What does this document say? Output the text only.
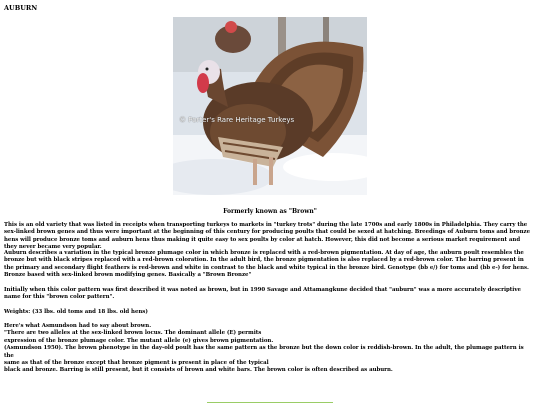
AUBURN
© Porter's Rare Heritage Turkeys
Formerly known as "Brown"
This is an old variety that was listed in receipts when transporting turkeys to markets in "turkey trots" during the late 1700s and early 1800s in Philadelphia. They carry the sex-linked brown genes and thus were important at the beginning of this century for producing poults that could be sexed at hatching. Breedings of Auburn toms and bronze hens will produce bronze toms and auburn hens thus making it quite easy to sex poults by color at hatch. However, this did not become a serious market requirement and they never became very popular.
Auburn describes a variation in the typical bronze plumage color in which bronze is replaced with a red-brown pigmentation. At day of age, the auburn poult resembles the bronze but with black stripes replaced with a red-brown coloration. In the adult bird, the bronze pigmentation is also replaced by a red-brown color. The barring present in the primary and secondary flight feathers is red-brown and white in contrast to the black and white typical in the bronze bird. Genotype (bb e/) for toms and (bb e-) for hens. Bronze based with sex-linked brown modifying genes. Basically a "Brown Bronze"
Initially when this color pattern was first described it was noted as brown, but in 1990 Savage and Attamangkune decided that "auburn" was a more accurately descriptive name for this "brown color pattern".
Weights: (33 lbs. old toms and 18 lbs. old hens)
Here's what Asmundson had to say about brown.
"There are two alleles at the sex-linked brown locus. The dominant allele (E) permits
expression of the bronze plumage color. The mutant allele (e) gives brown pigmentation.
(Asmundson 1950). The brown phenotype in the day-old poult has the same pattern as the bronze but the down color is reddish-brown. In the adult, the plumage pattern is the
same as that of the bronze except that bronze pigment is present in place of the typical
black and bronze. Barring is still present, but it consists of brown and white bars. The brown color is often described as auburn.
